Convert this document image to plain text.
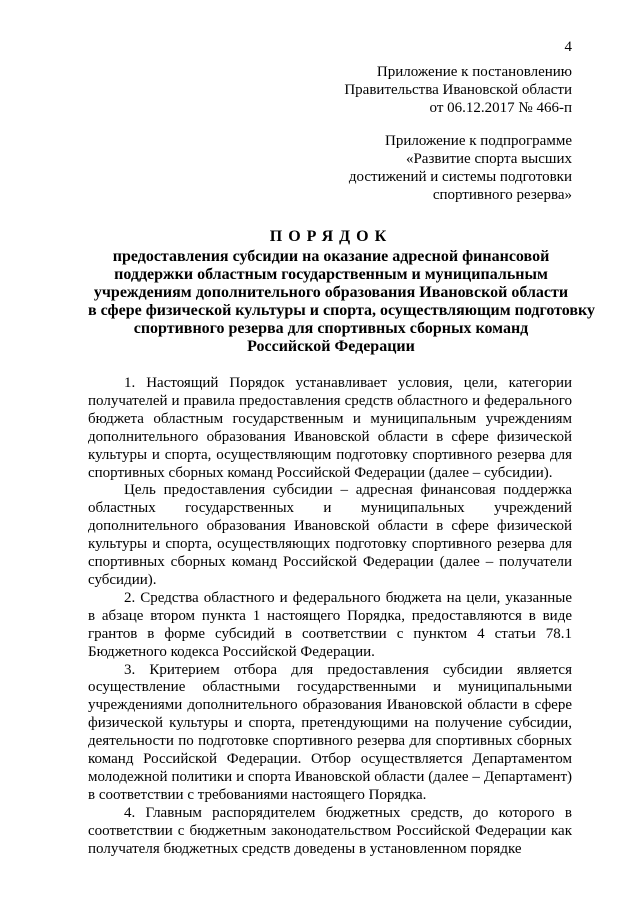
4
Приложение к постановлению
Правительства Ивановской области
от 06.12.2017 № 466-п
Приложение к подпрограмме
«Развитие спорта высших
достижений и системы подготовки
спортивного резерва»
ПОРЯДОК
предоставления субсидии на оказание адресной финансовой
поддержки областным государственным и муниципальным
учреждениям дополнительного образования Ивановской области
в сфере физической культуры и спорта, осуществляющим подготовку
спортивного резерва для спортивных сборных команд
Российской Федерации

1. Настоящий Порядок устанавливает условия, цели, категории получателей и правила предоставления средств областного и федерального бюджета областным государственным и муниципальным учреждениям дополнительного образования Ивановской области в сфере физической культуры и спорта, осуществляющим подготовку спортивного резерва для спортивных сборных команд Российской Федерации (далее – субсидии).

Цель предоставления субсидии – адресная финансовая поддержка областных государственных и муниципальных учреждений дополнительного образования Ивановской области в сфере физической культуры и спорта, осуществляющих подготовку спортивного резерва для спортивных сборных команд Российской Федерации (далее – получатели субсидии).

2. Средства областного и федерального бюджета на цели, указанные в абзаце втором пункта 1 настоящего Порядка, предоставляются в виде грантов в форме субсидий в соответствии с пунктом 4 статьи 78.1 Бюджетного кодекса Российской Федерации.

3. Критерием отбора для предоставления субсидии является осуществление областными государственными и муниципальными учреждениями дополнительного образования Ивановской области в сфере физической культуры и спорта, претендующими на получение субсидии, деятельности по подготовке спортивного резерва для спортивных сборных команд Российской Федерации. Отбор осуществляется Департаментом молодежной политики и спорта Ивановской области (далее – Департамент) в соответствии с требованиями настоящего Порядка.

4. Главным распорядителем бюджетных средств, до которого в соответствии с бюджетным законодательством Российской Федерации как получателя бюджетных средств доведены в установленном порядке
